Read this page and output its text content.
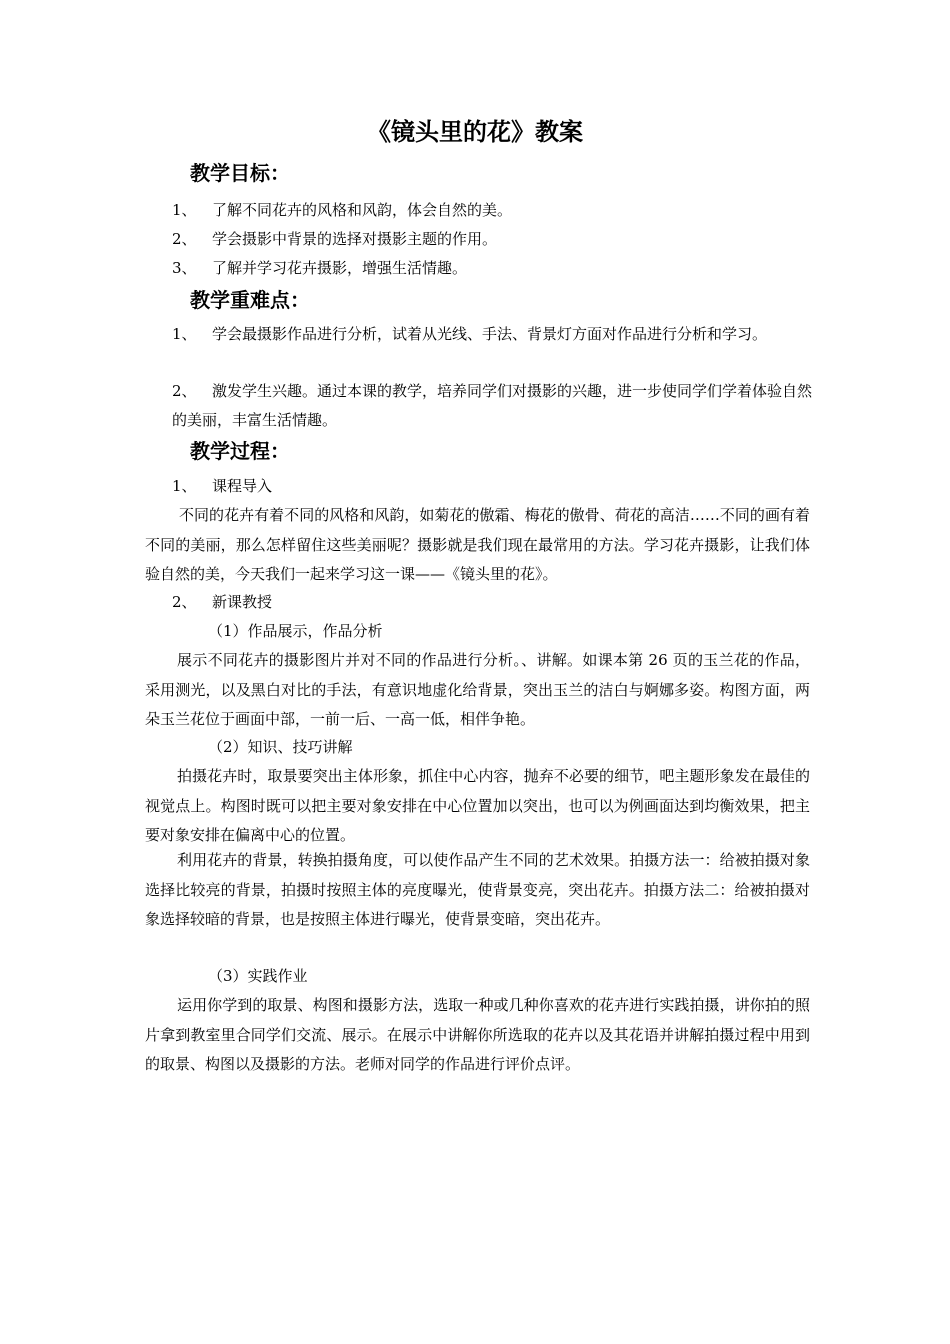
《镜头里的花》教案
教学目标：
1、 了解不同花卉的风格和风韵，体会自然的美。
2、 学会摄影中背景的选择对摄影主题的作用。
3、 了解并学习花卉摄影，增强生活情趣。
教学重难点：
1、 学会最摄影作品进行分析，试着从光线、手法、背景灯方面对作品进行分析和学习。
2、 激发学生兴趣。通过本课的教学，培养同学们对摄影的兴趣，进一步使同学们学着体验自然的美丽，丰富生活情趣。
教学过程：
1、 课程导入
不同的花卉有着不同的风格和风韵，如菊花的傲霜、梅花的傲骨、荷花的高洁……不同的画有着不同的美丽，那么怎样留住这些美丽呢？摄影就是我们现在最常用的方法。学习花卉摄影，让我们体验自然的美，今天我们一起来学习这一课——《镜头里的花》。
2、 新课教授
（1）作品展示，作品分析
展示不同花卉的摄影图片并对不同的作品进行分析。、讲解。如课本第 26 页的玉兰花的作品，采用测光，以及黑白对比的手法，有意识地虚化给背景，突出玉兰的洁白与婀娜多姿。构图方面，两朵玉兰花位于画面中部，一前一后、一高一低，相伴争艳。
（2）知识、技巧讲解
拍摄花卉时，取景要突出主体形象，抓住中心内容，抛弃不必要的细节，吧主题形象发在最佳的视觉点上。构图时既可以把主要对象安排在中心位置加以突出，也可以为例画面达到均衡效果，把主要对象安排在偏离中心的位置。
利用花卉的背景，转换拍摄角度，可以使作品产生不同的艺术效果。拍摄方法一：给被拍摄对象选择比较亮的背景，拍摄时按照主体的亮度曝光，使背景变亮，突出花卉。拍摄方法二：给被拍摄对象选择较暗的背景，也是按照主体进行曝光，使背景变暗，突出花卉。
（3）实践作业
运用你学到的取景、构图和摄影方法，选取一种或几种你喜欢的花卉进行实践拍摄，讲你拍的照片拿到教室里合同学们交流、展示。在展示中讲解你所选取的花卉以及其花语并讲解拍摄过程中用到的取景、构图以及摄影的方法。老师对同学的作品进行评价点评。
